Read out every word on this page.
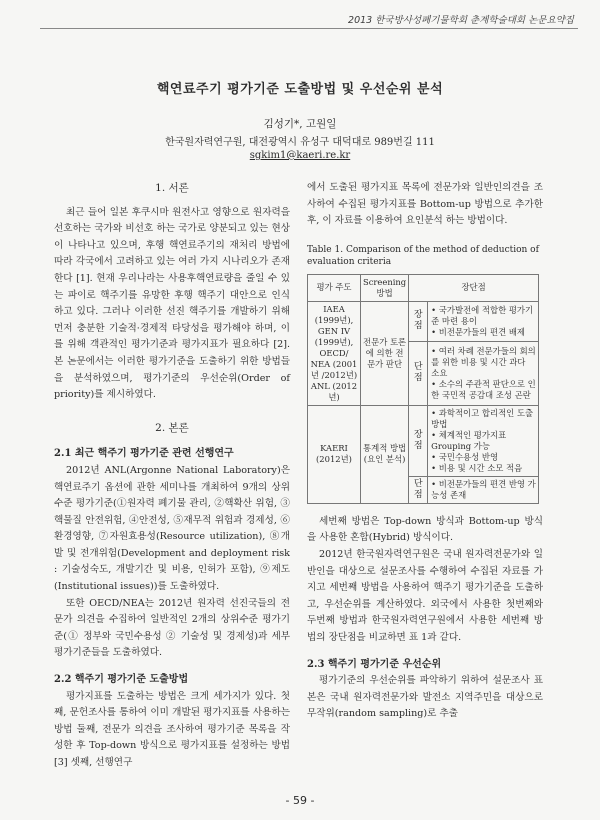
2013 한국방사성폐기물학회 춘계학술대회 논문요약집
핵연료주기 평가기준 도출방법 및 우선순위 분석
김성기*, 고원일
한국원자력연구원, 대전광역시 유성구 대덕대로 989번길 111
sgkim1@kaeri.re.kr

1. 서론

최근 들어 일본 후쿠시마 원전사고 영향으로 원자력을 선호하는 국가와 비선호 하는 국가로 양분되고 있는 현상이 나타나고 있으며, 후행 핵연료주기의 재처리 방법에 따라 각국에서 고려하고 있는 여러 가지 시나리오가 존재한다 [1]. 현재 우리나라는 사용후핵연료량을 줄일 수 있는 파이로 핵주기를 유망한 후행 핵주기 대안으로 인식 하고 있다. 그러나 이러한 선진 핵주기를 개발하기 위해 먼저 충분한 기술적·경제적 타당성을 평가해야 하며, 이를 위해 객관적인 평가기준과 평가지표가 필요하다 [2]. 본 논문에서는 이러한 평가기준을 도출하기 위한 방법들을 분석하였으며, 평가기준의 우선순위(Order of priority)를 제시하였다.

2. 본론

2.1 최근 핵주기 평가기준 관련 선행연구

2012년 ANL(Argonne National Laboratory)은 핵연료주기 옵션에 관한 세미나를 개최하여 9개의 상위수준 평가기준(①원자력 폐기물 관리, ②핵확산 위험, ③핵물질 안전위험, ④안전성, ⑤재무적 위험과 경제성, ⑥환경영향, ⑦자원효용성(Resource utilization), ⑧개발 및 전개위험(Development and deployment risk : 기술성숙도, 개발기간 및 비용, 인허가 포함), ⑨제도(Institutional issues))를 도출하였다.

또한 OECD/NEA는 2012년 원자력 선진국들의 전문가 의견을 수집하여 일반적인 2개의 상위수준 평가기준(① 정부와 국민수용성 ② 기술성 및 경제성)과 세부 평가기준들을 도출하였다.

2.2 핵주기 평가기준 도출방법

평가지표를 도출하는 방법은 크게 세가지가 있다. 첫째, 문헌조사를 통하여 이미 개발된 평가지표를 사용하는 방법 둘째, 전문가 의견을 조사하여 평가기준 목록을 작성한 후 Top-down 방식으로 평가지표를 설정하는 방법 [3] 셋째, 선행연구

에서 도출된 평가지표 목록에 전문가와 일반인의견을 조사하여 수집된 평가지표를 Bottom-up 방법으로 추가한 후, 이 자료를 이용하여 요인분석 하는 방법이다.

Table 1. Comparison of the method of deduction of evaluation criteria

평가 주도	Screening 방법	장단점	
IAEA (1999년), GEN IV (1999년), OECD/ NEA (2001년 /2012년) ANL (2012년)	전문가 토론에 의한 전문가 판단	장점	• 국가발전에 적합한 평가기준 마련 용이
• 비전문가들의 편견 배제

		단점	• 여러 차례 전문가들의 회의를 위한 비용 및 시간 과다 소요
• 소수의 주관적 판단으로 인한 국민적 공감대 조성 곤란

KAERI (2012년)	통계적 방법 (요인 분석)	장점	• 과학적이고 합리적인 도출방법
• 체계적인 평가지표 Grouping 가능
• 국민수용성 반영
• 비용 및 시간 소모 적음

		단점	• 비전문가들의 편견 반영 가능성 존재

세번째 방법은 Top-down 방식과 Bottom-up 방식을 사용한 혼합(Hybrid) 방식이다.

2012년 한국원자력연구원은 국내 원자력전문가와 일반인을 대상으로 설문조사를 수행하여 수집된 자료를 가지고 세번째 방법을 사용하여 핵주기 평가기준을 도출하고, 우선순위를 계산하였다. 외국에서 사용한 첫번째와 두번째 방법과 한국원자력연구원에서 사용한 세번째 방법의 장단점을 비교하면 표 1과 같다.

2.3 핵주기 평가기준 우선순위

평가기준의 우선순위를 파악하기 위하여 설문조사 표본은 국내 원자력전문가와 발전소 지역주민을 대상으로 무작위(random sampling)로 추출

- 59 -
